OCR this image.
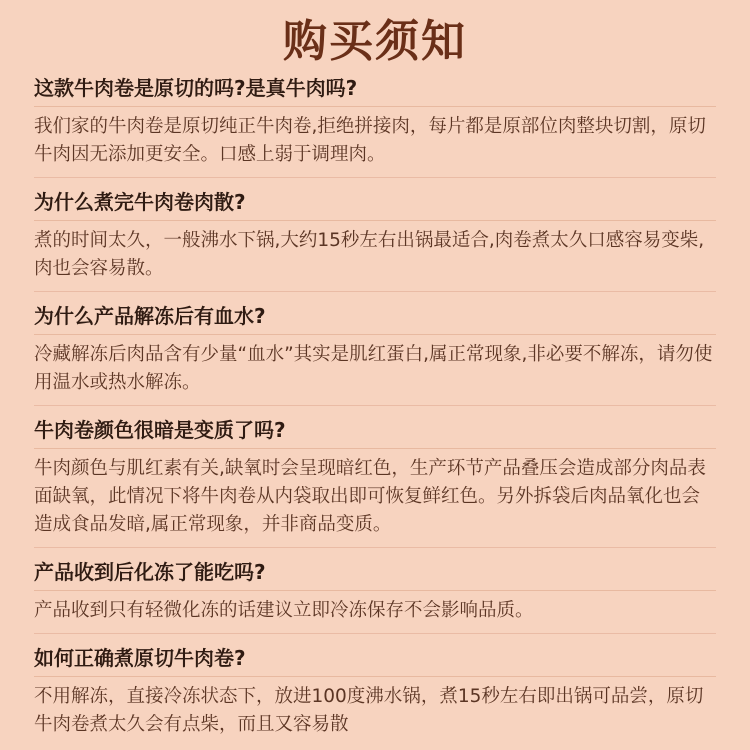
购买须知

这款牛肉卷是原切的吗?是真牛肉吗?

我们家的牛肉卷是原切纯正牛肉卷,拒绝拼接肉，每片都是原部位肉整块切割，原切牛肉因无添加更安全。口感上弱于调理肉。

为什么煮完牛肉卷肉散?

煮的时间太久，一般沸水下锅,大约15秒左右出锅最适合,肉卷煮太久口感容易变柴,肉也会容易散。

为什么产品解冻后有血水?

冷藏解冻后肉品含有少量“血水”其实是肌红蛋白,属正常现象,非必要不解冻，请勿使用温水或热水解冻。

牛肉卷颜色很暗是变质了吗?

牛肉颜色与肌红素有关,缺氧时会呈现暗红色，生产环节产品叠压会造成部分肉品表面缺氧，此情况下将牛肉卷从内袋取出即可恢复鲜红色。另外拆袋后肉品氧化也会造成食品发暗,属正常现象，并非商品变质。

产品收到后化冻了能吃吗?

产品收到只有轻微化冻的话建议立即冷冻保存不会影响品质。

如何正确煮原切牛肉卷?

不用解冻，直接冷冻状态下，放进100度沸水锅，煮15秒左右即出锅可品尝，原切牛肉卷煮太久会有点柴，而且又容易散
